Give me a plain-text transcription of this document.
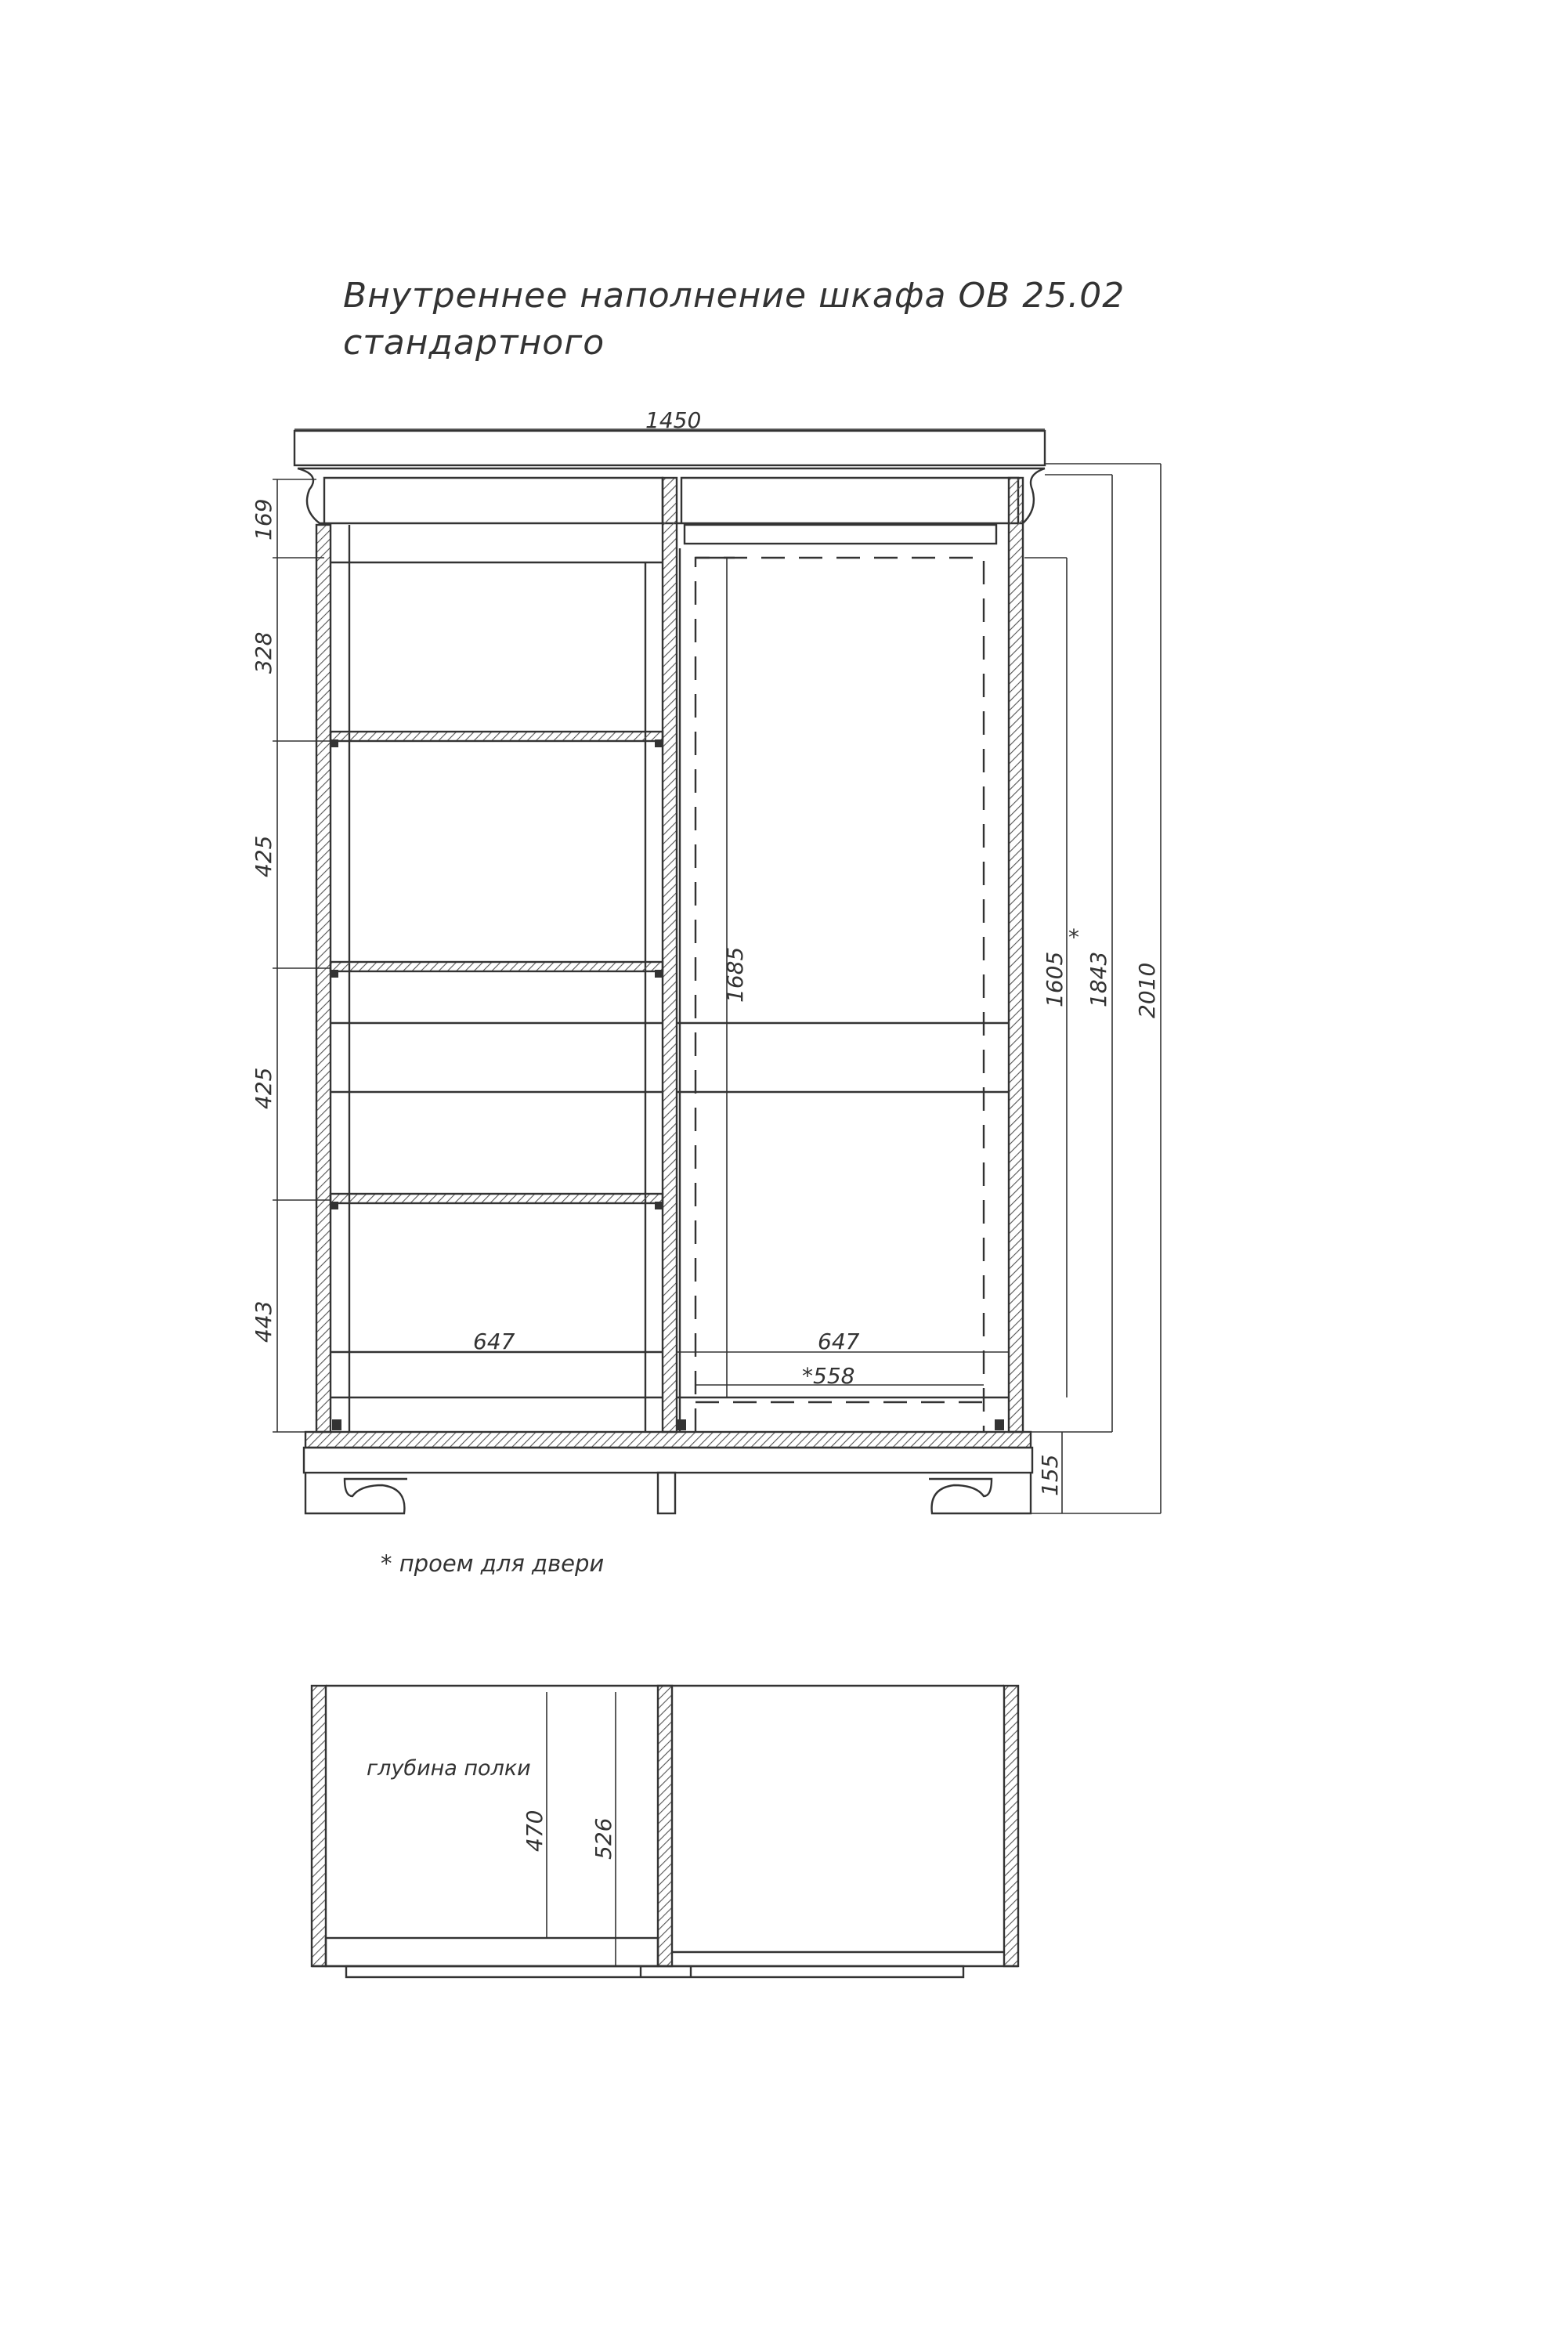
Внутреннее наполнение шкафа ОВ 25.02
стандартного
1450
169
328
425
425
443	647	647
*558
1685	1605 1843
*
2010
155
470 526
глубина полки
* проем для двери
